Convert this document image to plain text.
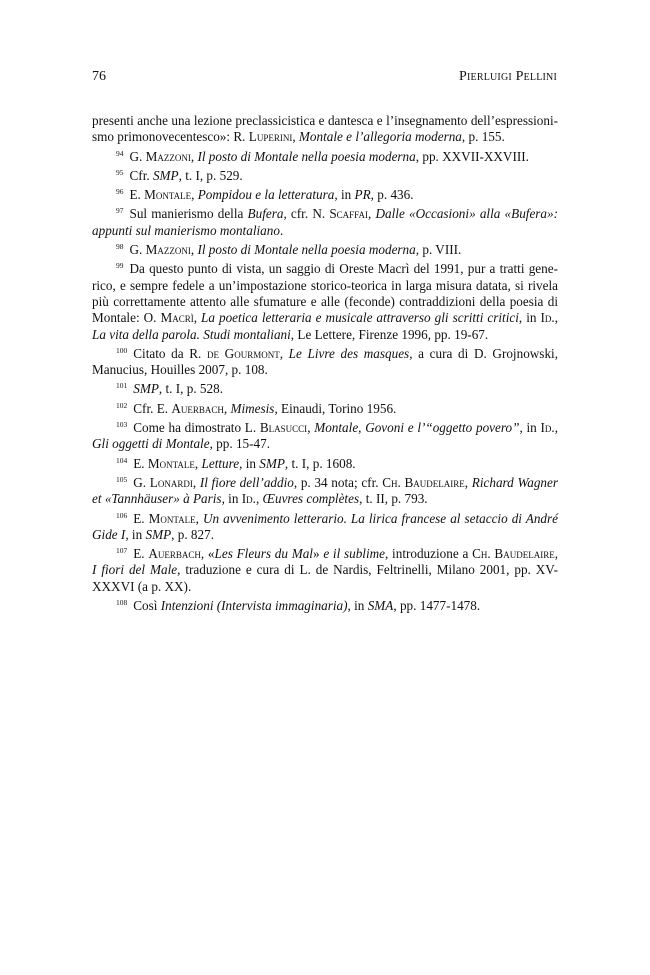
76	Pierluigi Pellini

presenti anche una lezione preclassicistica e dantesca e l’insegnamento dell’espressioni-smo primonovecentesco»: R. Luperini, Montale e l’allegoria moderna, p. 155.

$^{94}$ G. Mazzoni, Il posto di Montale nella poesia moderna, pp. XXVII-XXVIII.

$^{95}$ Cfr. SMP, t. I, p. 529.

$^{96}$ E. Montale, Pompidou e la letteratura, in PR, p. 436.

$^{97}$ Sul manierismo della Bufera, cfr. N. Scaffai, Dalle «Occasioni» alla «Bufera»: appunti sul manierismo montaliano.

$^{98}$ G. Mazzoni, Il posto di Montale nella poesia moderna, p. VIII.

$^{99}$ Da questo punto di vista, un saggio di Oreste Macrì del 1991, pur a tratti gene-rico, e sempre fedele a un’impostazione storico-teorica in larga misura datata, si rivela più correttamente attento alle sfumature e alle (feconde) contraddizioni della poesia di Montale: O. Macrì, La poetica letteraria e musicale attraverso gli scritti critici, in Id., La vita della parola. Studi montaliani, Le Lettere, Firenze 1996, pp. 19-67.

$^{100}$ Citato da R. de Gourmont, Le Livre des masques, a cura di D. Grojnowski, Manucius, Houilles 2007, p. 108.

$^{101}$ SMP, t. I, p. 528.

$^{102}$ Cfr. E. Auerbach, Mimesis, Einaudi, Torino 1956.

$^{103}$ Come ha dimostrato L. Blasucci, Montale, Govoni e l’“oggetto povero”, in Id., Gli oggetti di Montale, pp. 15-47.

$^{104}$ E. Montale, Letture, in SMP, t. I, p. 1608.

$^{105}$ G. Lonardi, Il fiore dell’addio, p. 34 nota; cfr. Ch. Baudelaire, Richard Wagner et «Tannhäuser» à Paris, in Id., Œuvres complètes, t. II, p. 793.

$^{106}$ E. Montale, Un avvenimento letterario. La lirica francese al setaccio di André Gide I, in SMP, p. 827.

$^{107}$ E. Auerbach, «Les Fleurs du Mal» e il sublime, introduzione a Ch. Baudelaire, I fiori del Male, traduzione e cura di L. de Nardis, Feltrinelli, Milano 2001, pp. XV-XXXVI (a p. XX).

$^{108}$ Così Intenzioni (Intervista immaginaria), in SMA, pp. 1477-1478.
